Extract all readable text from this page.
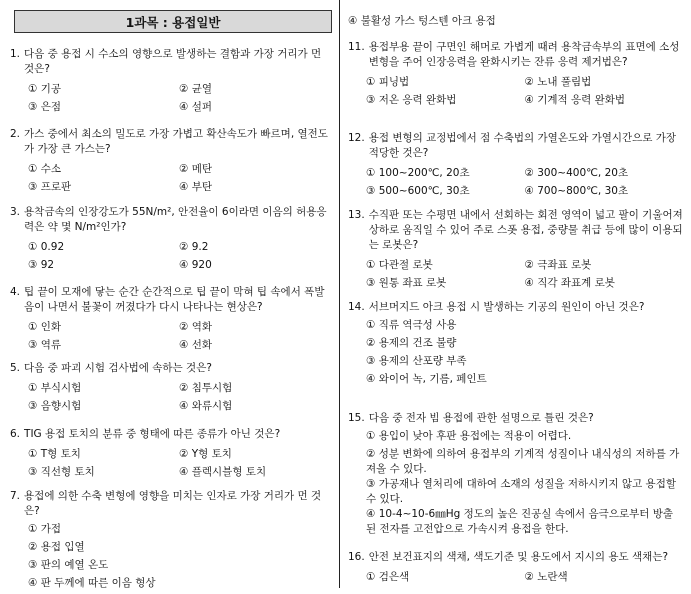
1과목 : 용접일반
1. 다음 중 용접 시 수소의 영향으로 발생하는 결함과 가장 거리가 먼 것은?
① 기공	② 균열
③ 은점	④ 설퍼
2. 가스 중에서 최소의 밀도로 가장 가볍고 확산속도가 빠르며, 열전도가 가장 큰 가스는?
① 수소	② 메탄
③ 프로판	④ 부탄
3. 용착금속의 인장강도가 55N/m², 안전율이 6이라면 이음의 허용응력은 약 몇 N/m²인가?
① 0.92	② 9.2
③ 92	④ 920
4. 팁 끝이 모재에 닿는 순간 순간적으로 팁 끝이 막혀 팁 속에서 폭발음이 나면서 불꽃이 꺼졌다가 다시 나타나는 현상은?
① 인화	② 역화
③ 역류	④ 선화
5. 다음 중 파괴 시험 검사법에 속하는 것은?
① 부식시험	② 침투시험
③ 음향시험	④ 와류시험
6. TIG 용접 토치의 분류 중 형태에 따른 종류가 아닌 것은?
① T형 토치	② Y형 토치
③ 직선형 토치	④ 플렉시블형 토치
7. 용접에 의한 수축 변형에 영향을 미치는 인자로 가장 거리가 먼 것은?
① 가접
② 용접 입열
③ 판의 예열 온도
④ 판 두께에 따른 이음 형상
④ 불활성 가스 텅스텐 아크 용접
11. 용접부용 끝이 구면인 해머로 가볍게 때려 용착금속부의 표면에 소성변형을 주어 인장응력을 완화시키는 잔류 응력 제거법은?
① 피닝법	② 노내 풀림법
③ 저온 응력 완화법	④ 기계적 응력 완화법
12. 용접 변형의 교정법에서 점 수축법의 가열온도와 가열시간으로 가장 적당한 것은?
① 100~200℃, 20초	② 300~400℃, 20초
③ 500~600℃, 30초	④ 700~800℃, 30초
13. 수직판 또는 수평면 내에서 선회하는 회전 영역이 넓고 팔이 기울어져 상하로 움직일 수 있어 주로 스폿 용접, 중량물 취급 등에 많이 이용되는 로봇은?
① 다관절 로봇	② 극좌표 로봇
③ 원통 좌표 로봇	④ 직각 좌표계 로봇
14. 서브머지드 아크 용접 시 발생하는 기공의 원인이 아닌 것은?
① 직류 역극성 사용
② 용제의 건조 불량
③ 용제의 산포량 부족
④ 와이어 녹, 기름, 페인트
15. 다음 중 전자 빔 용접에 관한 설명으로 틀린 것은?
① 용입이 낮아 후판 용접에는 적용이 어렵다.
② 성분 변화에 의하여 용접부의 기계적 성질이나 내식성의 저하를 가져올 수 있다.
③ 가공재나 열처리에 대하여 소재의 성질을 저하시키지 않고 용접할 수 있다.
④ 10-4~10-6㎜Hg 정도의 높은 진공실 속에서 음극으로부터 방출된 전자를 고전압으로 가속시켜 용접을 한다.
16. 안전 보건표지의 색채, 색도기준 및 용도에서 지시의 용도 색채는?
① 검은색	② 노란색
